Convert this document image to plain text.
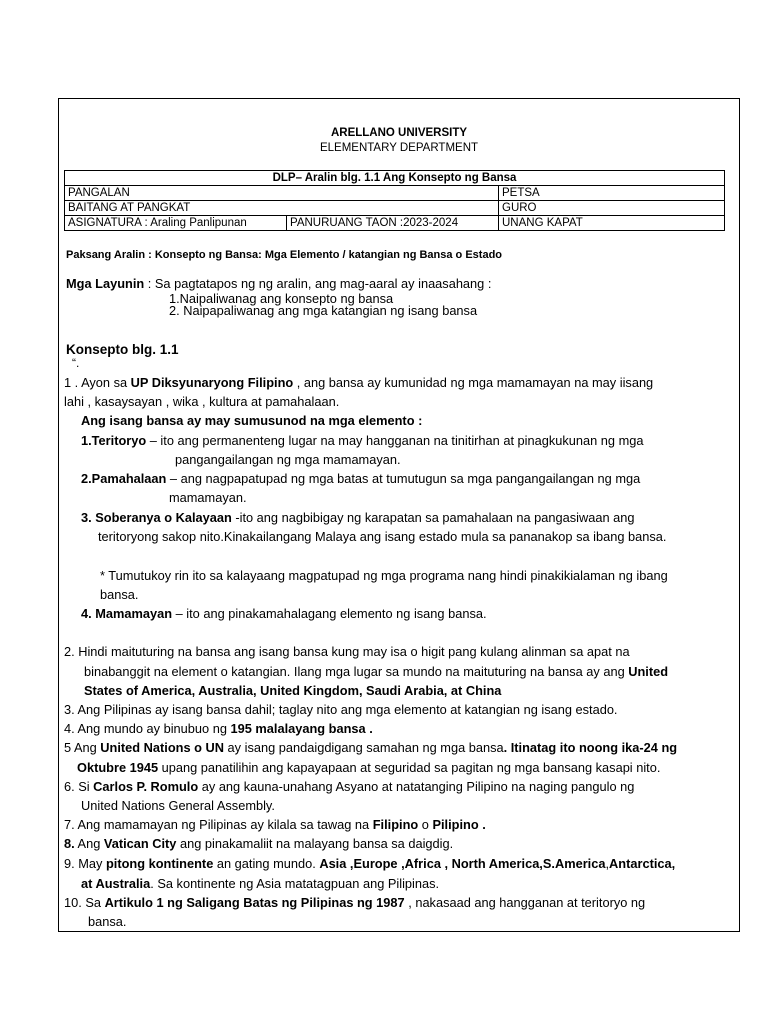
ARELLANO UNIVERSITY
ELEMENTARY DEPARTMENT
DLP– Aralin blg. 1.1 Ang Konsepto ng Bansa		
PANGALAN		PETSA
BAITANG AT PANGKAT		GURO
ASIGNATURA : Araling Panlipunan	PANURUANG TAON :2023-2024	UNANG KAPAT
Paksang Aralin : Konsepto ng Bansa: Mga Elemento / katangian ng Bansa o Estado
Mga Layunin : Sa pagtatapos ng ng aralin, ang mag-aaral ay inaasahang :
1.Naipaliwanag ang konsepto ng bansa
2. Naipapaliwanag ang mga katangian ng isang bansa
Konsepto blg. 1.1
“.
1 . Ayon sa UP Diksyunaryong Filipino , ang bansa ay kumunidad ng mga mamamayan na may iisang
lahi , kasaysayan , wika , kultura at pamahalaan.
Ang isang bansa ay may sumusunod na mga elemento :
1.Teritoryo – ito ang permanenteng lugar na may hangganan na tinitirhan at pinagkukunan ng mga
pangangailangan ng mga mamamayan.
2.Pamahalaan – ang nagpapatupad ng mga batas at tumutugun sa mga pangangailangan ng mga
mamamayan.
3. Soberanya o Kalayaan -ito ang nagbibigay ng karapatan sa pamahalaan na pangasiwaan ang
teritoryong sakop nito.Kinakailangang Malaya ang isang estado mula sa pananakop sa ibang bansa.
* Tumutukoy rin ito sa kalayaang magpatupad ng mga programa nang hindi pinakikialaman ng ibang
bansa.
4. Mamamayan – ito ang pinakamahalagang elemento ng isang bansa.
2. Hindi maituturing na bansa ang isang bansa kung may isa o higit pang kulang alinman sa apat na
binabanggit na element o katangian. Ilang mga lugar sa mundo na maituturing na bansa ay ang United
States of America, Australia, United Kingdom, Saudi Arabia, at China
3. Ang Pilipinas ay isang bansa dahil; taglay nito ang mga elemento at katangian ng isang estado.
4. Ang mundo ay binubuo ng 195 malalayang bansa .
5 Ang United Nations o UN ay isang pandaigdigang samahan ng mga bansa. Itinatag ito noong ika-24 ng
Oktubre 1945 upang panatilihin ang kapayapaan at seguridad sa pagitan ng mga bansang kasapi nito.
6. Si Carlos P. Romulo ay ang kauna-unahang Asyano at natatanging Pilipino na naging pangulo ng
United Nations General Assembly.
7. Ang mamamayan ng Pilipinas ay kilala sa tawag na Filipino o Pilipino .
8. Ang Vatican City ang pinakamaliit na malayang bansa sa daigdig.
9. May pitong kontinente an gating mundo. Asia ,Europe ,Africa , North America,S.America,Antarctica,
at Australia. Sa kontinente ng Asia matatagpuan ang Pilipinas.
10. Sa Artikulo 1 ng Saligang Batas ng Pilipinas ng 1987 , nakasaad ang hangganan at teritoryo ng
bansa.
